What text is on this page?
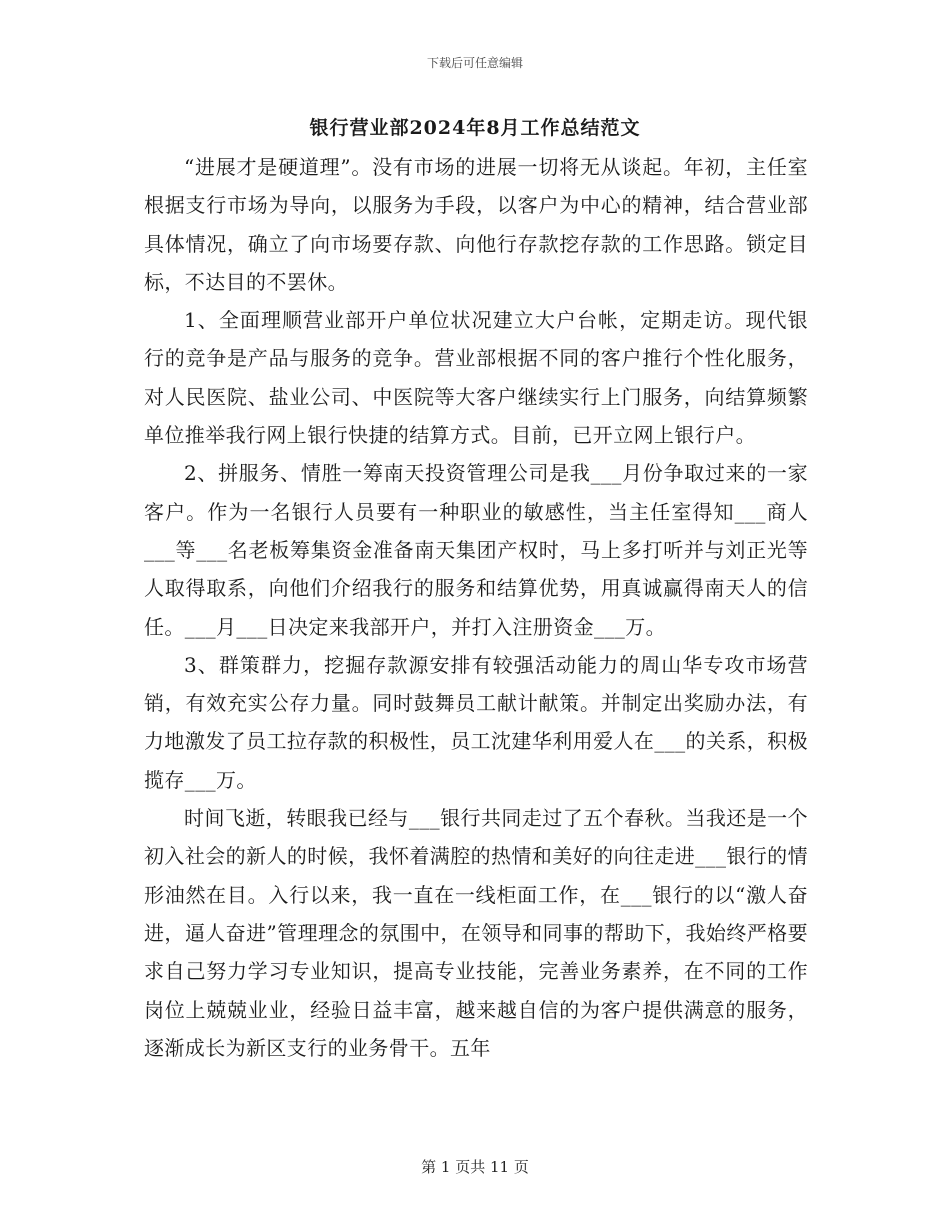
下载后可任意编辑
银行营业部2024年8月工作总结范文

“进展才是硬道理”。没有市场的进展一切将无从谈起。年初，主任室根据支行市场为导向，以服务为手段，以客户为中心的精神，结合营业部具体情况，确立了向市场要存款、向他行存款挖存款的工作思路。锁定目标，不达目的不罢休。

1、全面理顺营业部开户单位状况建立大户台帐，定期走访。现代银行的竞争是产品与服务的竞争。营业部根据不同的客户推行个性化服务，对人民医院、盐业公司、中医院等大客户继续实行上门服务，向结算频繁单位推举我行网上银行快捷的结算方式。目前，已开立网上银行户。

2、拼服务、情胜一筹南天投资管理公司是我___月份争取过来的一家客户。作为一名银行人员要有一种职业的敏感性，当主任室得知___商人___等___名老板筹集资金准备南天集团产权时，马上多打听并与刘正光等人取得取系，向他们介绍我行的服务和结算优势，用真诚赢得南天人的信任。___月___日决定来我部开户，并打入注册资金___万。

3、群策群力，挖掘存款源安排有较强活动能力的周山华专攻市场营销，有效充实公存力量。同时鼓舞员工献计献策。并制定出奖励办法，有力地激发了员工拉存款的积极性，员工沈建华利用爱人在___的关系，积极揽存___万。

时间飞逝，转眼我已经与___银行共同走过了五个春秋。当我还是一个初入社会的新人的时候，我怀着满腔的热情和美好的向往走进___银行的情形油然在目。入行以来，我一直在一线柜面工作，在___银行的以“激人奋进，逼人奋进”管理理念的氛围中，在领导和同事的帮助下，我始终严格要求自己努力学习专业知识，提高专业技能，完善业务素养，在不同的工作岗位上兢兢业业，经验日益丰富，越来越自信的为客户提供满意的服务，逐渐成长为新区支行的业务骨干。五年

第 1 页共 11 页
